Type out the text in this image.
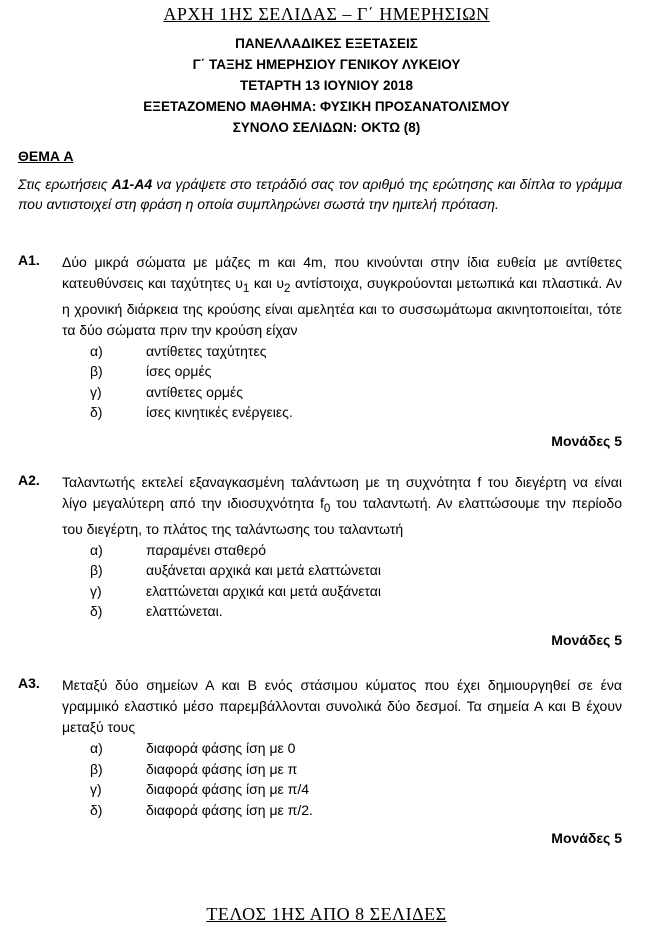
ΑΡΧΗ 1ΗΣ ΣΕΛΙΔΑΣ – Γ΄ ΗΜΕΡΗΣΙΩΝ
ΠΑΝΕΛΛΑΔΙΚΕΣ ΕΞΕΤΑΣΕΙΣ
Γ΄ ΤΑΞΗΣ ΗΜΕΡΗΣΙΟΥ ΓΕΝΙΚΟΥ ΛΥΚΕΙΟΥ
ΤΕΤΑΡΤΗ 13 ΙΟΥΝΙΟΥ 2018
ΕΞΕΤΑΖΟΜΕΝΟ ΜΑΘΗΜΑ: ΦΥΣΙΚΗ ΠΡΟΣΑΝΑΤΟΛΙΣΜΟΥ
ΣΥΝΟΛΟ ΣΕΛΙΔΩΝ: ΟΚΤΩ (8)
ΘΕΜΑ Α
Στις ερωτήσεις Α1-Α4 να γράψετε στο τετράδιό σας τον αριθμό της ερώτησης και δίπλα το γράμμα που αντιστοιχεί στη φράση η οποία συμπληρώνει σωστά την ημιτελή πρόταση.
Α1. Δύο μικρά σώματα με μάζες m και 4m, που κινούνται στην ίδια ευθεία με αντίθετες κατευθύνσεις και ταχύτητες $\upsilon_1$ και $\upsilon_2$ αντίστοιχα, συγκρούονται μετωπικά και πλαστικά. Αν η χρονική διάρκεια της κρούσης είναι αμελητέα και το συσσωμάτωμα ακινητοποιείται, τότε τα δύο σώματα πριν την κρούση είχαν
α)	αντίθετες ταχύτητες
β)	ίσες ορμές
γ)	αντίθετες ορμές
δ)	ίσες κινητικές ενέργειες.
Μονάδες 5
Α2. Ταλαντωτής εκτελεί εξαναγκασμένη ταλάντωση με τη συχνότητα f του διεγέρτη να είναι λίγο μεγαλύτερη από την ιδιοσυχνότητα $f_0$ του ταλαντωτή. Αν ελαττώσουμε την περίοδο του διεγέρτη, το πλάτος της ταλάντωσης του ταλαντωτή
α)	παραμένει σταθερό
β)	αυξάνεται αρχικά και μετά ελαττώνεται
γ)	ελαττώνεται αρχικά και μετά αυξάνεται
δ)	ελαττώνεται.
Μονάδες 5
Α3. Μεταξύ δύο σημείων Α και Β ενός στάσιμου κύματος που έχει δημιουργηθεί σε ένα γραμμικό ελαστικό μέσο παρεμβάλλονται συνολικά δύο δεσμοί. Τα σημεία Α και Β έχουν μεταξύ τους
α)	διαφορά φάσης ίση με 0
β)	διαφορά φάσης ίση με π
γ)	διαφορά φάσης ίση με π/4
δ)	διαφορά φάσης ίση με π/2.
Μονάδες 5
ΤΕΛΟΣ 1ΗΣ ΑΠΟ 8 ΣΕΛΙΔΕΣ
